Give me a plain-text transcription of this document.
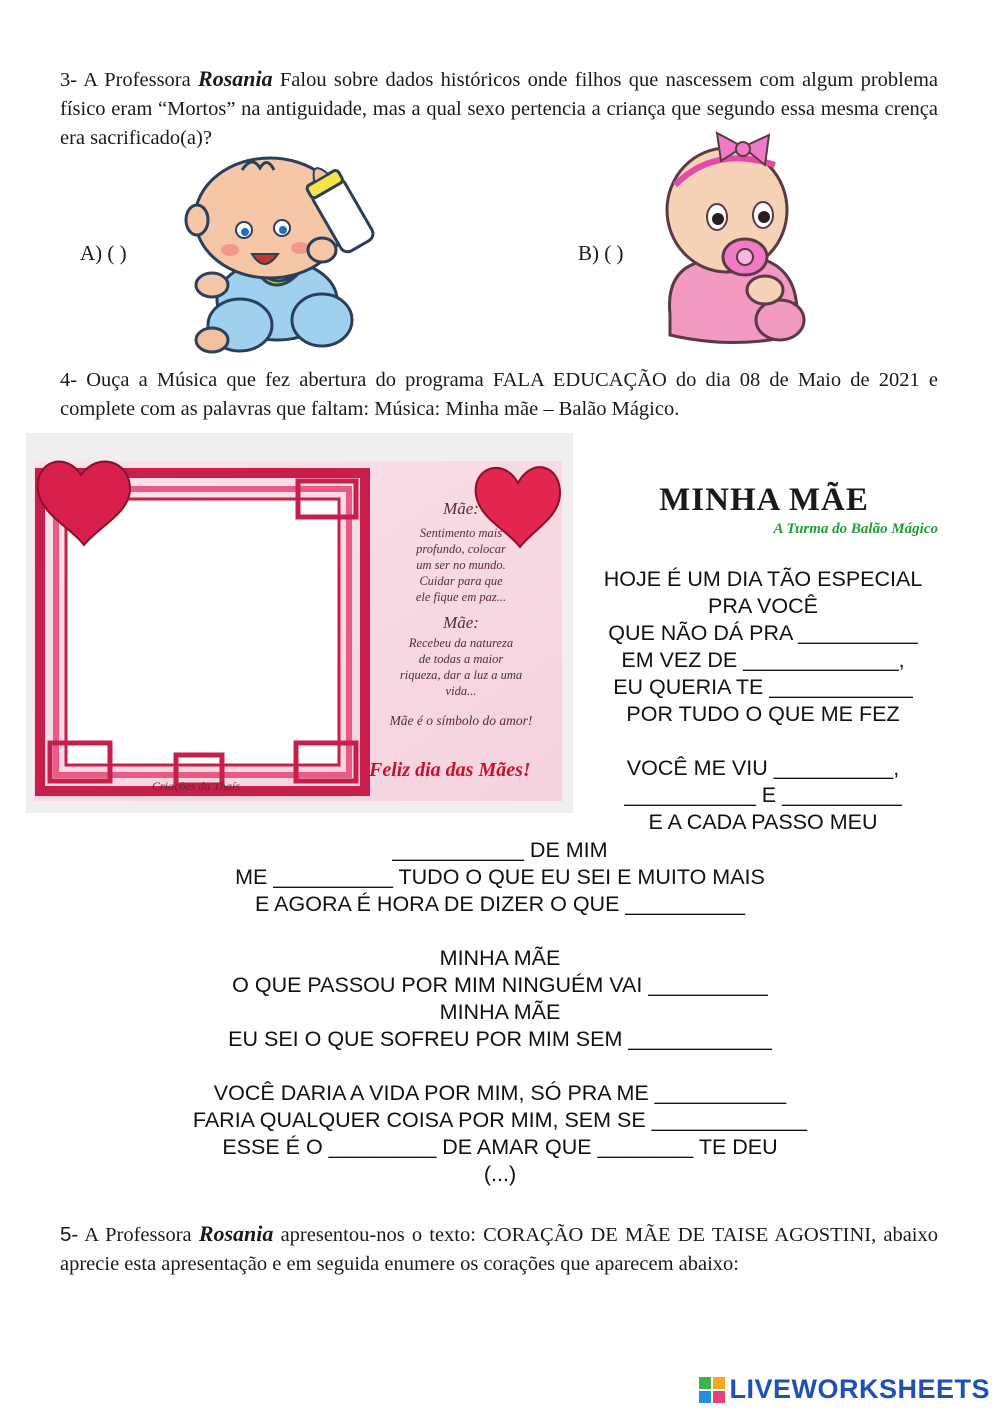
3- A Professora Rosania Falou sobre dados históricos onde filhos que nascessem com algum problema físico eram “Mortos” na antiguidade, mas a qual sexo pertencia a criança que segundo essa mesma crença era sacrificado(a)?
A) ( )	B) ( )
4- Ouça a Música que fez abertura do programa FALA EDUCAÇÃO do dia 08 de Maio de 2021 e complete com as palavras que faltam: Música: Minha mãe – Balão Mágico.
Mãe:
Sentimento mais
profundo, colocar
um ser no mundo.
Cuidar para que
ele fique em paz...
Mãe:
Recebeu da natureza
de todas a maior
riqueza, dar a luz a uma
vida...
Mãe é o símbolo do amor!
Feliz dia das Mães!
Criações da Thaís
MINHA MÃE
A Turma do Balão Mágico
HOJE É UM DIA TÃO ESPECIAL
PRA VOCÊ
QUE NÃO DÁ PRA __________
EM VEZ DE _____________,
EU QUERIA TE ____________
POR TUDO O QUE ME FEZ
VOCÊ ME VIU __________,
___________ E __________
E A CADA PASSO MEU
___________ DE MIM
ME __________ TUDO O QUE EU SEI E MUITO MAIS
E AGORA É HORA DE DIZER O QUE __________
MINHA MÃE
O QUE PASSOU POR MIM NINGUÉM VAI __________
MINHA MÃE
EU SEI O QUE SOFREU POR MIM SEM ____________
VOCÊ DARIA A VIDA POR MIM, SÓ PRA ME ___________
FARIA QUALQUER COISA POR MIM, SEM SE _____________
ESSE É O _________ DE AMAR QUE ________ TE DEU
(...)
5- A Professora Rosania apresentou-nos o texto: CORAÇÃO DE MÃE DE TAISE AGOSTINI, abaixo aprecie esta apresentação e em seguida enumere os corações que aparecem abaixo:
LIVEWORKSHEETS
